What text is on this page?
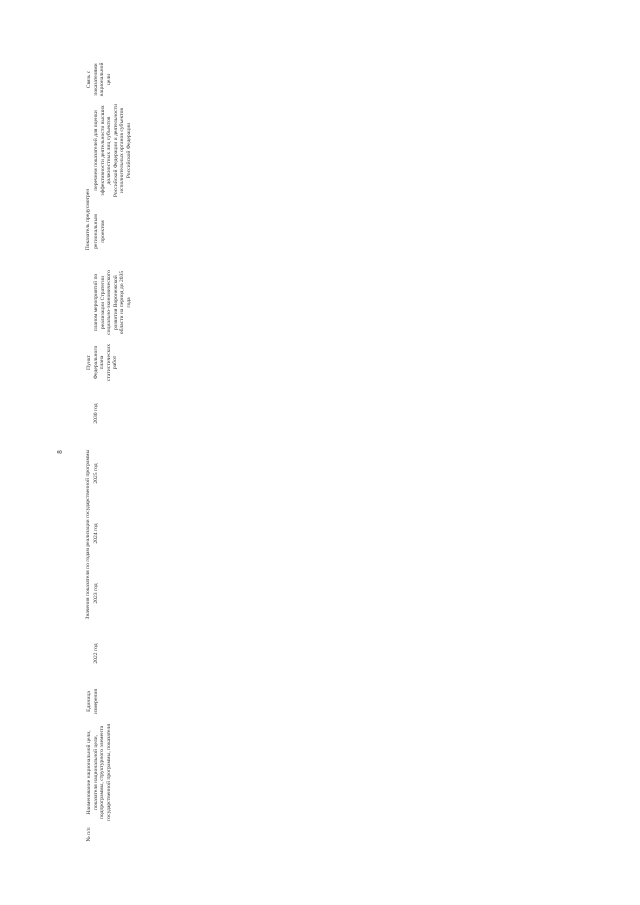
8
№ п/п
Наименование национальной цели, показателя национальной цели, подпрограммы, структурного элемента государственной программы, показателя
Единица измерения
Значения показателя по годам реализации государственной программы
2022 год
2023 год
2024 год
2025 год
2030 год
Пункт Федерального плана статистических работ
Показатель предусмотрен
планом мероприятий по реализации Стратегии социально-экономического развития Воронежской области на период до 2035 года
региональным проектом
перечнем показателей для оценки эффективности деятельности высших должностных лиц субъектов Российской Федерации и деятельности исполнительных органов субъектов Российской Федерации
Связь с показателями национальной цели
